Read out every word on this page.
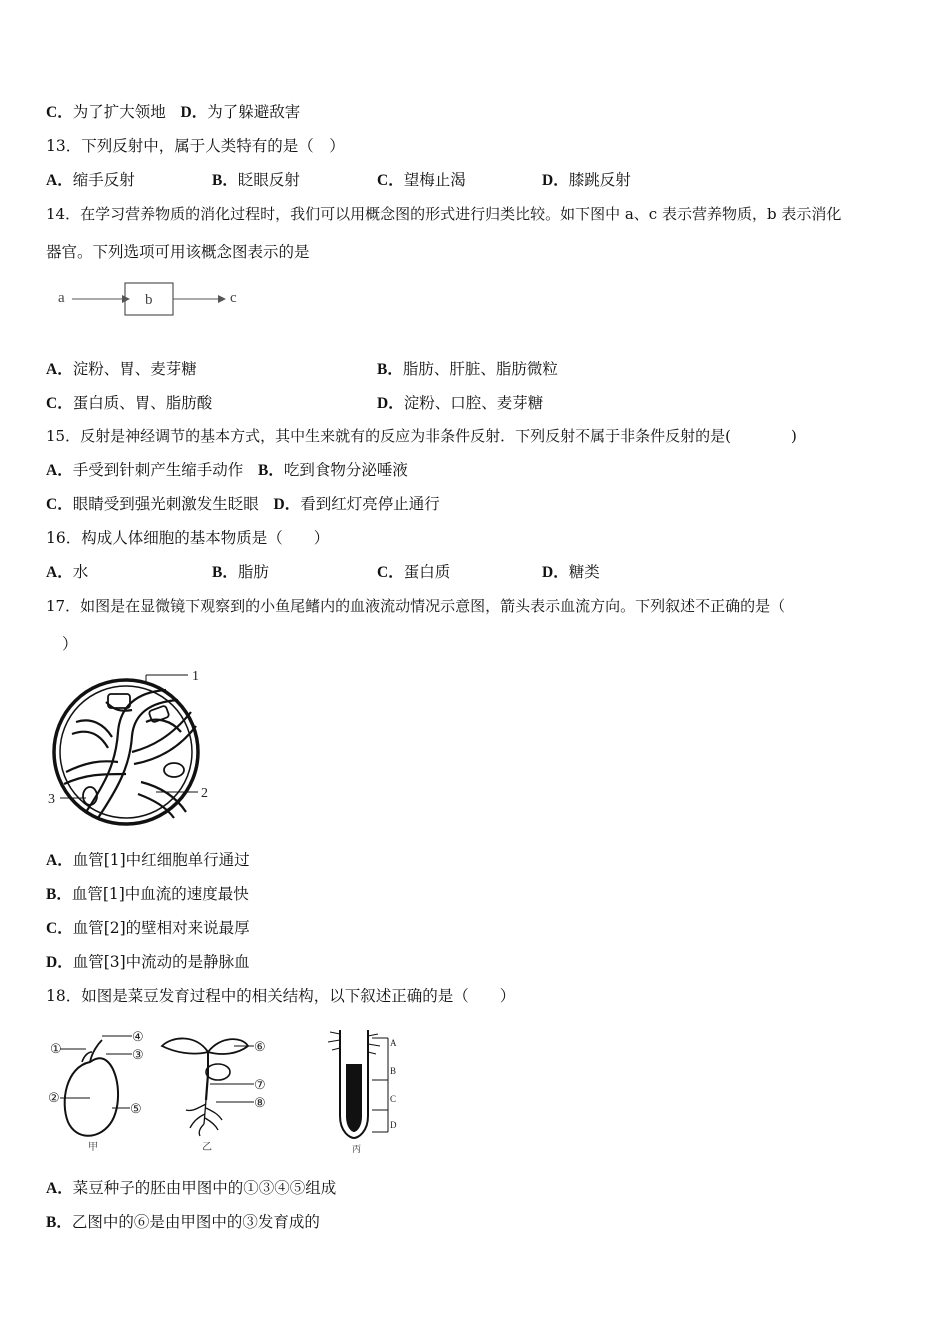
C．为了扩大领地 D．为了躲避敌害
13．下列反射中，属于人类特有的是（　）
A．缩手反射	B．眨眼反射	C．望梅止渴	D．膝跳反射
14．在学习营养物质的消化过程时，我们可以用概念图的形式进行归类比较。如下图中 a、c 表示营养物质，b 表示消化
器官。下列选项可用该概念图表示的是
a	b	c
A．淀粉、胃、麦芽糖	B．脂肪、肝脏、脂肪微粒
C．蛋白质、胃、脂肪酸	D．淀粉、口腔、麦芽糖
15．反射是神经调节的基本方式，其中生来就有的反应为非条件反射．下列反射不属于非条件反射的是(　　　　)
A．手受到针刺产生缩手动作 B．吃到食物分泌唾液
C．眼睛受到强光刺激发生眨眼 D．看到红灯亮停止通行
16．构成人体细胞的基本物质是（　　）
A．水	B．脂肪	C．蛋白质	D．糖类
17．如图是在显微镜下观察到的小鱼尾鳍内的血液流动情况示意图，箭头表示血流方向。下列叙述不正确的是（
）
1
2
3
A．血管[1]中红细胞单行通过
B．血管[1]中血流的速度最快
C．血管[2]的壁相对来说最厚
D．血管[3]中流动的是静脉血
18．如图是菜豆发育过程中的相关结构，以下叙述正确的是（　　）
④
③
①
②
⑤
甲
⑥
⑦
⑧
乙
A
B
C
D
丙
A．菜豆种子的胚由甲图中的①③④⑤组成
B．乙图中的⑥是由甲图中的③发育成的
